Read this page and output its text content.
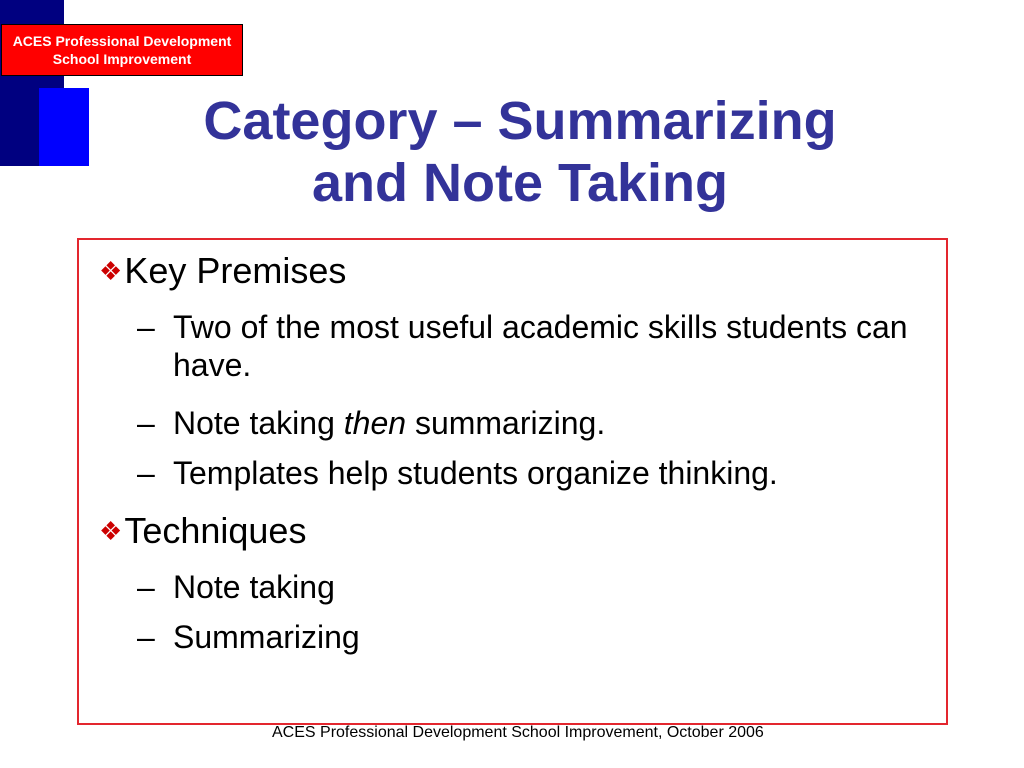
ACES Professional Development
School Improvement
Category – Summarizing
and Note Taking
❖ Key Premises
– Two of the most useful academic skills students can have.
– Note taking then summarizing.
– Templates help students organize thinking.
❖ Techniques
– Note taking
– Summarizing
ACES Professional Development School Improvement, October 2006
